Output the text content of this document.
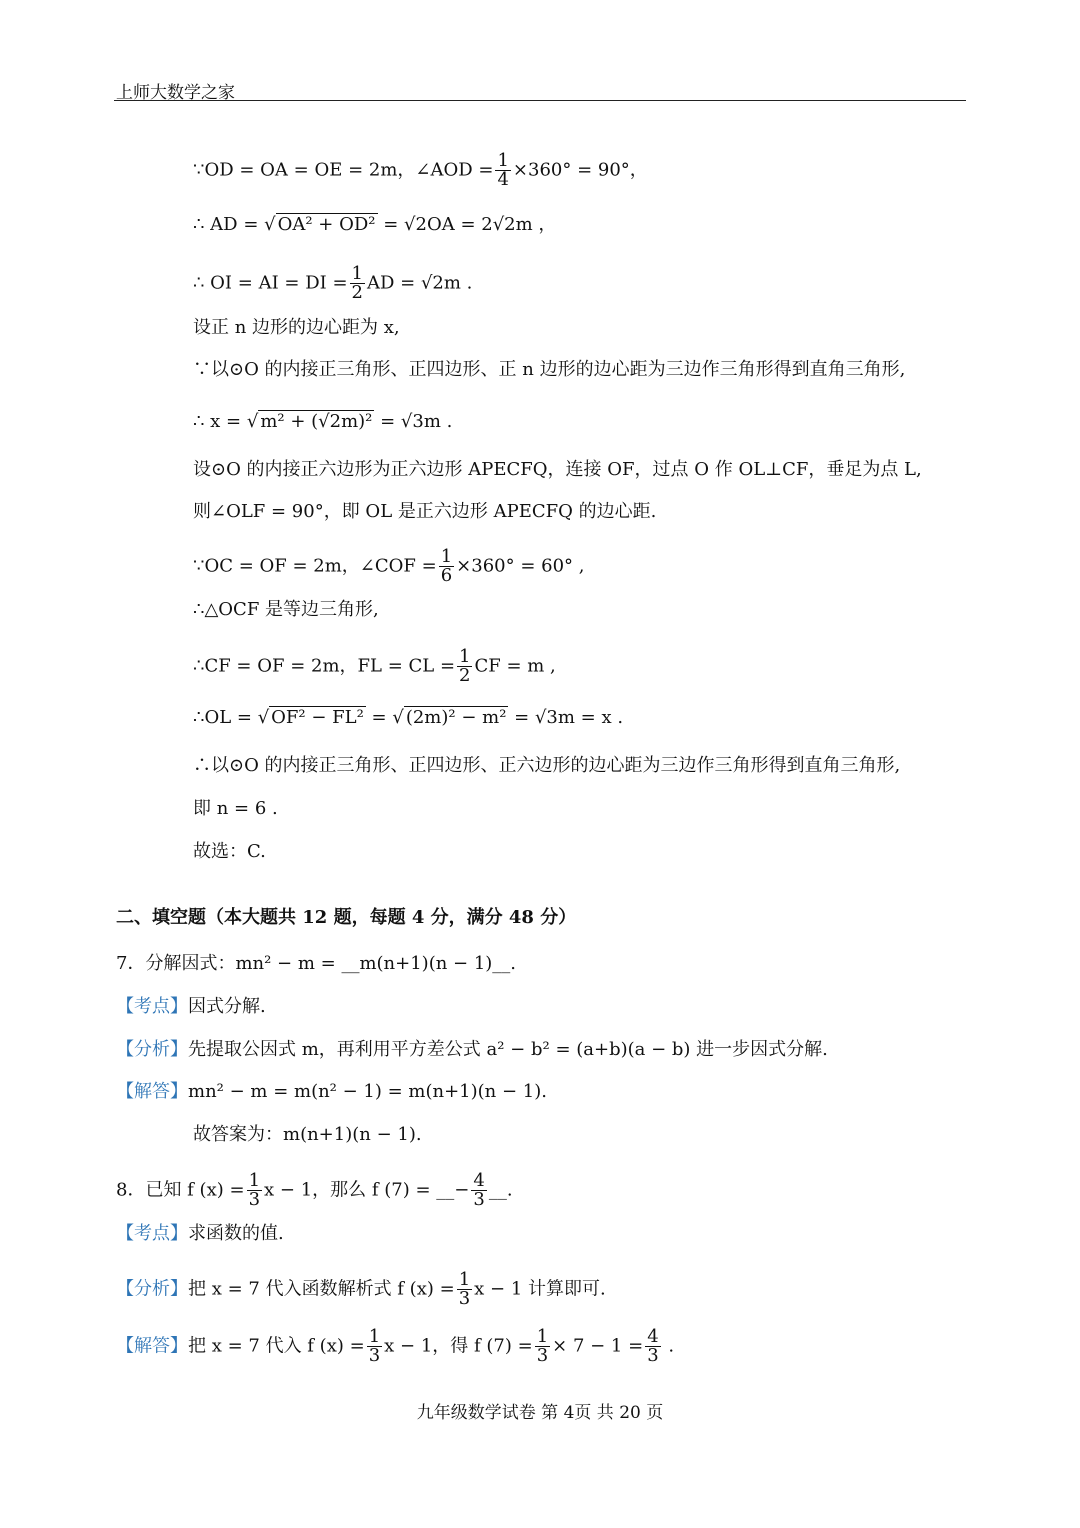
上师大数学之家
∵OD = OA = OE = 2m，∠AOD = $\frac{1}{4} \times 360^\circ = 90^\circ$，
∴ AD = √ OA² + OD² = √2OA = 2√2m ，
∴ OI = AI = DI = $\frac{1}{2}$ AD = √2m .
设正 n 边形的边心距为 x,
∵以⊙O 的内接正三角形、正四边形、正 n 边形的边心距为三边作三角形得到直角三角形,
∴ x = √ m² + (√2m)² = √3m .
设⊙O 的内接正六边形为正六边形 APECFQ，连接 OF，过点 O 作 OL⊥CF，垂足为点 L,
则∠OLF = 90°，即 OL 是正六边形 APECFQ 的边心距.
∵OC = OF = 2m，∠COF = $\frac{1}{6} \times 360^\circ = 60^\circ$ ,
∴△OCF 是等边三角形,
∴CF = OF = 2m，FL = CL = $\frac{1}{2}$ CF = m ,
∴OL = √ OF² − FL² = √ (2m)² − m² = √3m = x .
∴以⊙O 的内接正三角形、正四边形、正六边形的边心距为三边作三角形得到直角三角形,
即 n = 6 .
故选：C.
二、填空题（本大题共 12 题，每题 4 分，满分 48 分）
7．分解因式：mn² − m = __m(n+1)(n − 1)__.
【考点】因式分解.
【分析】先提取公因式 m，再利用平方差公式 a² − b² = (a+b)(a − b) 进一步因式分解.
【解答】mn² − m = m(n² − 1) = m(n+1)(n − 1).
故答案为：m(n+1)(n − 1).
8．已知 f $(x) = \frac{1}{3}$ x − 1，那么 f (7) = __− $\frac{4}{3}$ __.
【考点】求函数的值.
【分析】把 x = 7 代入函数解析式 f $(x) = \frac{1}{3}$ x − 1 计算即可.
【解答】把 x = 7 代入 f $(x) = \frac{1}{3}$ x − 1，得 f $(7) = \frac{1}{3} \times 7 - 1 = \frac{4}{3}$ .
九年级数学试卷 第 4页 共 20 页
